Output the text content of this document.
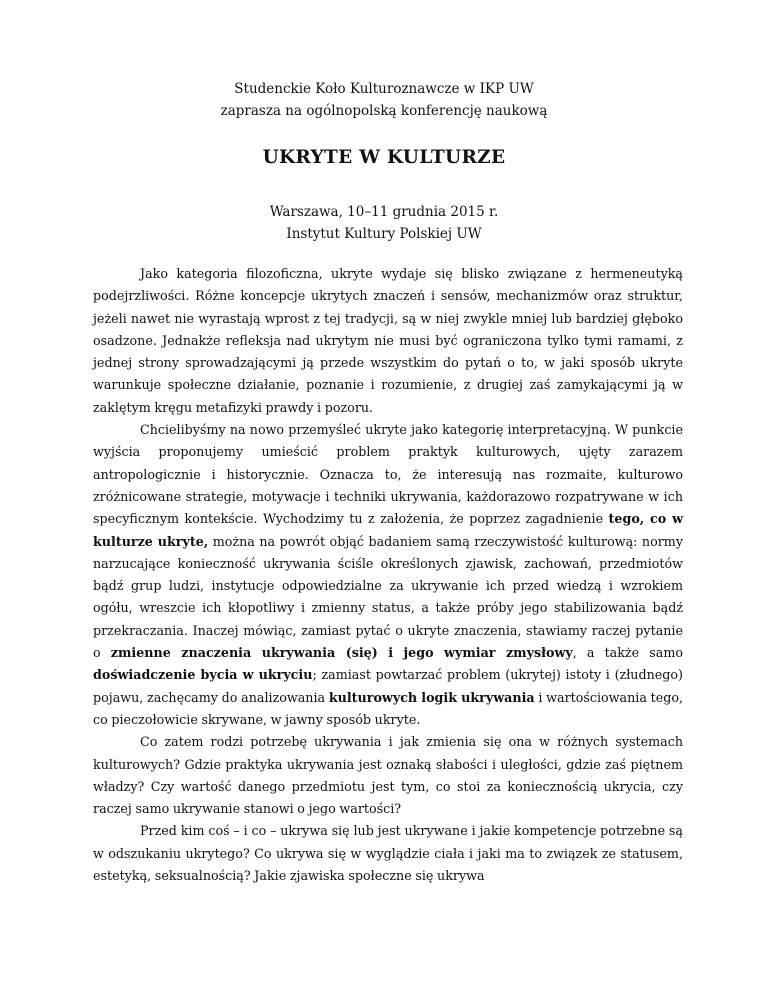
Studenckie Koło Kulturoznawcze w IKP UW
zaprasza na ogólnopolską konferencję naukową
UKRYTE W KULTURZE
Warszawa, 10–11 grudnia 2015 r.
Instytut Kultury Polskiej UW

Jako kategoria filozoficzna, ukryte wydaje się blisko związane z hermeneutyką podejrzliwości. Różne koncepcje ukrytych znaczeń i sensów, mechanizmów oraz struktur, jeżeli nawet nie wyrastają wprost z tej tradycji, są w niej zwykle mniej lub bardziej głęboko osadzone. Jednakże refleksja nad ukrytym nie musi być ograniczona tylko tymi ramami, z jednej strony sprowadzającymi ją przede wszystkim do pytań o to, w jaki sposób ukryte warunkuje społeczne działanie, poznanie i rozumienie, z drugiej zaś zamykającymi ją w zaklętym kręgu metafizyki prawdy i pozoru.

Chcielibyśmy na nowo przemyśleć ukryte jako kategorię interpretacyjną. W punkcie wyjścia proponujemy umieścić problem praktyk kulturowych, ujęty zarazem antropologicznie i historycznie. Oznacza to, że interesują nas rozmaite, kulturowo zróżnicowane strategie, motywacje i techniki ukrywania, każdorazowo rozpatrywane w ich specyficznym kontekście. Wychodzimy tu z założenia, że poprzez zagadnienie tego, co w kulturze ukryte, można na powrót objąć badaniem samą rzeczywistość kulturową: normy narzucające konieczność ukrywania ściśle określonych zjawisk, zachowań, przedmiotów bądź grup ludzi, instytucje odpowiedzialne za ukrywanie ich przed wiedzą i wzrokiem ogółu, wreszcie ich kłopotliwy i zmienny status, a także próby jego stabilizowania bądź przekraczania. Inaczej mówiąc, zamiast pytać o ukryte znaczenia, stawiamy raczej pytanie o zmienne znaczenia ukrywania (się) i jego wymiar zmysłowy, a także samo doświadczenie bycia w ukryciu; zamiast powtarzać problem (ukrytej) istoty i (złudnego) pojawu, zachęcamy do analizowania kulturowych logik ukrywania i wartościowania tego, co pieczołowicie skrywane, w jawny sposób ukryte.

Co zatem rodzi potrzebę ukrywania i jak zmienia się ona w różnych systemach kulturowych? Gdzie praktyka ukrywania jest oznaką słabości i uległości, gdzie zaś piętnem władzy? Czy wartość danego przedmiotu jest tym, co stoi za koniecznością ukrycia, czy raczej samo ukrywanie stanowi o jego wartości?

Przed kim coś – i co – ukrywa się lub jest ukrywane i jakie kompetencje potrzebne są w odszukaniu ukrytego? Co ukrywa się w wyglądzie ciała i jaki ma to związek ze statusem, estetyką, seksualnością? Jakie zjawiska społeczne się ukrywa
